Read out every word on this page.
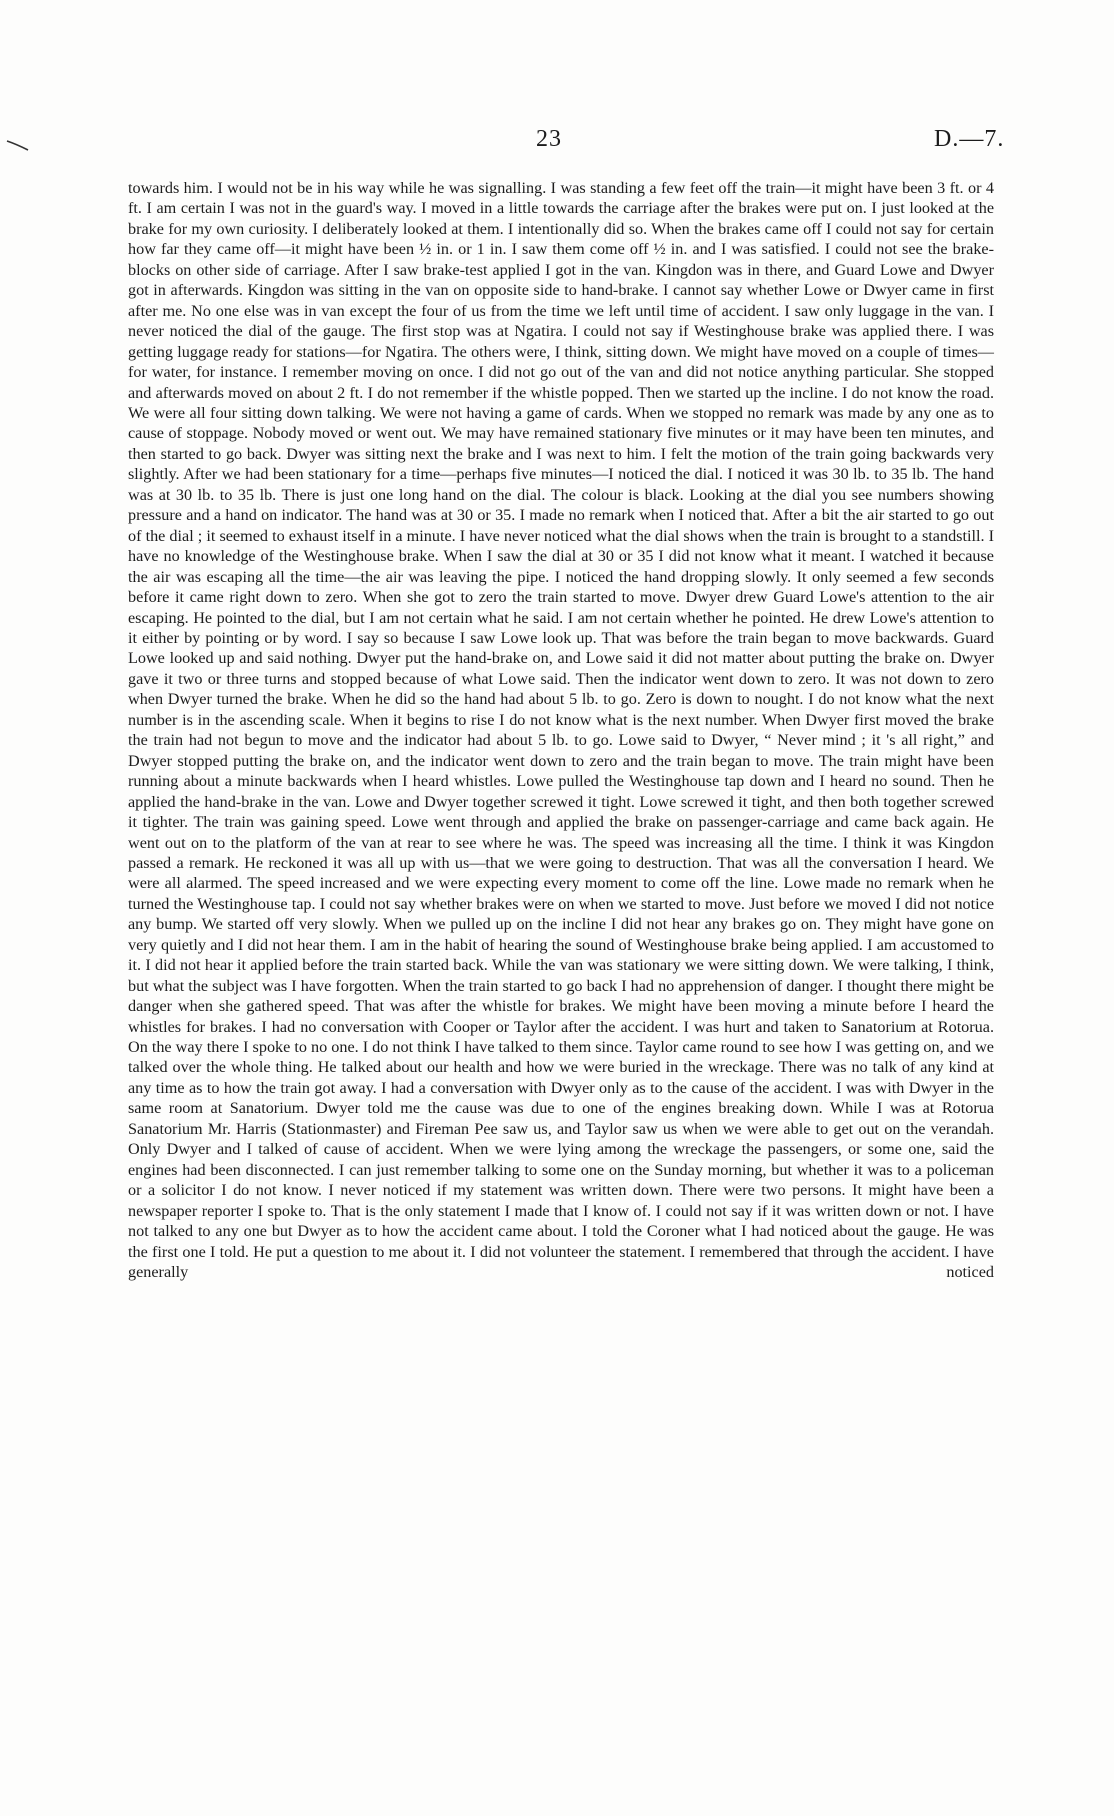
23	D.—7.

towards him. I would not be in his way while he was signalling. I was standing a few feet off the train—it might have been 3 ft. or 4 ft. I am certain I was not in the guard's way. I moved in a little towards the carriage after the brakes were put on. I just looked at the brake for my own curiosity. I deliberately looked at them. I intentionally did so. When the brakes came off I could not say for certain how far they came off—it might have been ½ in. or 1 in. I saw them come off ½ in. and I was satisfied. I could not see the brake-blocks on other side of carriage. After I saw brake-test applied I got in the van. Kingdon was in there, and Guard Lowe and Dwyer got in afterwards. Kingdon was sitting in the van on opposite side to hand-brake. I cannot say whether Lowe or Dwyer came in first after me. No one else was in van except the four of us from the time we left until time of accident. I saw only luggage in the van. I never noticed the dial of the gauge. The first stop was at Ngatira. I could not say if Westinghouse brake was applied there. I was getting luggage ready for stations—for Ngatira. The others were, I think, sitting down. We might have moved on a couple of times—for water, for instance. I remember moving on once. I did not go out of the van and did not notice anything particular. She stopped and afterwards moved on about 2 ft. I do not remember if the whistle popped. Then we started up the incline. I do not know the road. We were all four sitting down talking. We were not having a game of cards. When we stopped no remark was made by any one as to cause of stoppage. Nobody moved or went out. We may have remained stationary five minutes or it may have been ten minutes, and then started to go back. Dwyer was sitting next the brake and I was next to him. I felt the motion of the train going backwards very slightly. After we had been stationary for a time—perhaps five minutes—I noticed the dial. I noticed it was 30 lb. to 35 lb. The hand was at 30 lb. to 35 lb. There is just one long hand on the dial. The colour is black. Looking at the dial you see numbers showing pressure and a hand on indicator. The hand was at 30 or 35. I made no remark when I noticed that. After a bit the air started to go out of the dial ; it seemed to exhaust itself in a minute. I have never noticed what the dial shows when the train is brought to a standstill. I have no knowledge of the Westinghouse brake. When I saw the dial at 30 or 35 I did not know what it meant. I watched it because the air was escaping all the time—the air was leaving the pipe. I noticed the hand dropping slowly. It only seemed a few seconds before it came right down to zero. When she got to zero the train started to move. Dwyer drew Guard Lowe's attention to the air escaping. He pointed to the dial, but I am not certain what he said. I am not certain whether he pointed. He drew Lowe's attention to it either by pointing or by word. I say so because I saw Lowe look up. That was before the train began to move backwards. Guard Lowe looked up and said nothing. Dwyer put the hand-brake on, and Lowe said it did not matter about putting the brake on. Dwyer gave it two or three turns and stopped because of what Lowe said. Then the indicator went down to zero. It was not down to zero when Dwyer turned the brake. When he did so the hand had about 5 lb. to go. Zero is down to nought. I do not know what the next number is in the ascending scale. When it begins to rise I do not know what is the next number. When Dwyer first moved the brake the train had not begun to move and the indicator had about 5 lb. to go. Lowe said to Dwyer, “ Never mind ; it 's all right,” and Dwyer stopped putting the brake on, and the indicator went down to zero and the train began to move. The train might have been running about a minute backwards when I heard whistles. Lowe pulled the Westinghouse tap down and I heard no sound. Then he applied the hand-brake in the van. Lowe and Dwyer together screwed it tight. Lowe screwed it tight, and then both together screwed it tighter. The train was gaining speed. Lowe went through and applied the brake on passenger-carriage and came back again. He went out on to the platform of the van at rear to see where he was. The speed was increasing all the time. I think it was Kingdon passed a remark. He reckoned it was all up with us—that we were going to destruction. That was all the conversation I heard. We were all alarmed. The speed increased and we were expecting every moment to come off the line. Lowe made no remark when he turned the Westinghouse tap. I could not say whether brakes were on when we started to move. Just before we moved I did not notice any bump. We started off very slowly. When we pulled up on the incline I did not hear any brakes go on. They might have gone on very quietly and I did not hear them. I am in the habit of hearing the sound of Westinghouse brake being applied. I am accustomed to it. I did not hear it applied before the train started back. While the van was stationary we were sitting down. We were talking, I think, but what the subject was I have forgotten. When the train started to go back I had no apprehension of danger. I thought there might be danger when she gathered speed. That was after the whistle for brakes. We might have been moving a minute before I heard the whistles for brakes. I had no conversation with Cooper or Taylor after the accident. I was hurt and taken to Sanatorium at Rotorua. On the way there I spoke to no one. I do not think I have talked to them since. Taylor came round to see how I was getting on, and we talked over the whole thing. He talked about our health and how we were buried in the wreckage. There was no talk of any kind at any time as to how the train got away. I had a conversation with Dwyer only as to the cause of the accident. I was with Dwyer in the same room at Sanatorium. Dwyer told me the cause was due to one of the engines breaking down. While I was at Rotorua Sanatorium Mr. Harris (Stationmaster) and Fireman Pee saw us, and Taylor saw us when we were able to get out on the verandah. Only Dwyer and I talked of cause of accident. When we were lying among the wreckage the passengers, or some one, said the engines had been disconnected. I can just remember talking to some one on the Sunday morning, but whether it was to a policeman or a solicitor I do not know. I never noticed if my statement was written down. There were two persons. It might have been a newspaper reporter I spoke to. That is the only statement I made that I know of. I could not say if it was written down or not. I have not talked to any one but Dwyer as to how the accident came about. I told the Coroner what I had noticed about the gauge. He was the first one I told. He put a question to me about it. I did not volunteer the statement. I remembered that through the accident. I have generally noticed
